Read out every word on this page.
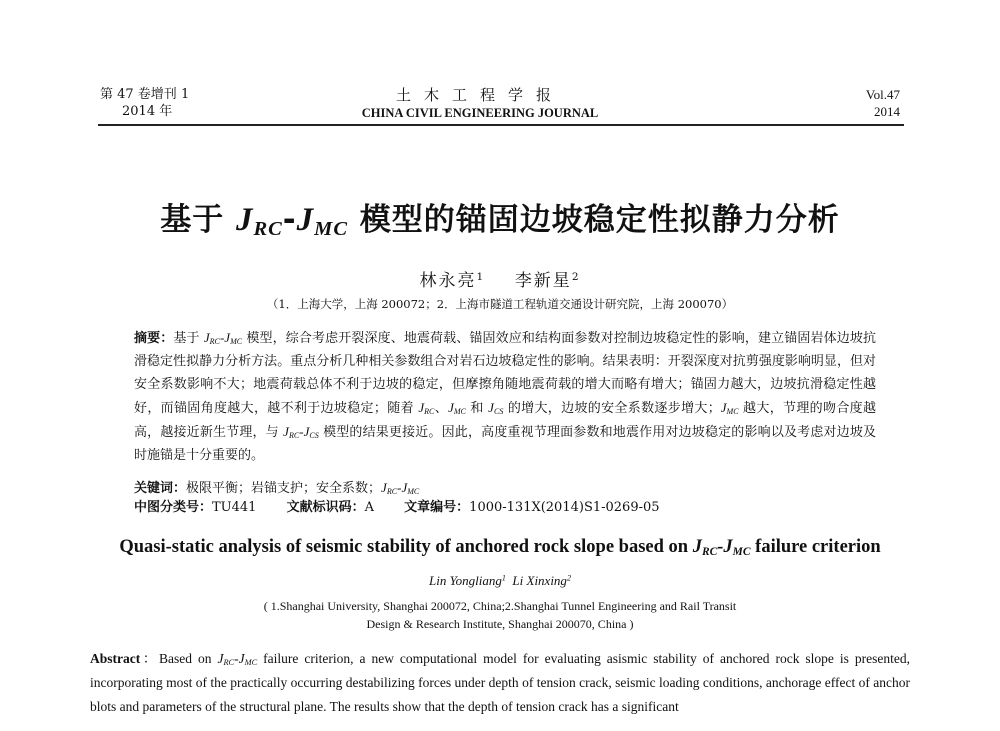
第 47 卷增刊 1
2014 年
土木工程学报
CHINA CIVIL ENGINEERING JOURNAL
Vol.47
2014
基于 $J_{RC}-J_{MC}$ 模型的锚固边坡稳定性拟静力分析
林永亮$^1$ 李新星$^2$
（1．上海大学，上海 200072；2．上海市隧道工程轨道交通设计研究院，上海 200070）
摘要：基于 $J_{RC}-J_{MC}$ 模型，综合考虑开裂深度、地震荷载、锚固效应和结构面参数对控制边坡稳定性的影响，建立锚固岩体边坡抗滑稳定性拟静力分析方法。重点分析几种相关参数组合对岩石边坡稳定性的影响。结果表明：开裂深度对抗剪强度影响明显，但对安全系数影响不大；地震荷载总体不利于边坡的稳定，但摩擦角随地震荷载的增大而略有增大；锚固力越大，边坡抗滑稳定性越好，而锚固角度越大，越不利于边坡稳定；随着 $J_{RC}$、$J_{MC}$ 和 $J_{CS}$ 的增大，边坡的安全系数逐步增大；$J_{MC}$ 越大，节理的吻合度越高，越接近新生节理，与 $J_{RC}-J_{CS}$ 模型的结果更接近。因此，高度重视节理面参数和地震作用对边坡稳定的影响以及考虑对边坡及时施锚是十分重要的。
关键词：极限平衡；岩锚支护；安全系数；$J_{RC}-J_{MC}$
中图分类号：TU441 文献标识码：A 文章编号：1000-131X(2014)S1-0269-05
Quasi-static analysis of seismic stability of anchored rock slope based on $J_{RC}-J_{MC}$ failure criterion
Lin Yongliang$^1$ Li Xinxing$^2$
( 1.Shanghai University, Shanghai 200072, China;2.Shanghai Tunnel Engineering and Rail Transit
Design & Research Institute, Shanghai 200070, China )
Abstract：Based on $J_{RC}-J_{MC}$ failure criterion, a new computational model for evaluating asismic stability of anchored rock slope is presented, incorporating most of the practically occurring destabilizing forces under depth of tension crack, seismic loading conditions, anchorage effect of anchor blots and parameters of the structural plane. The results show that the depth of tension crack has a significant
